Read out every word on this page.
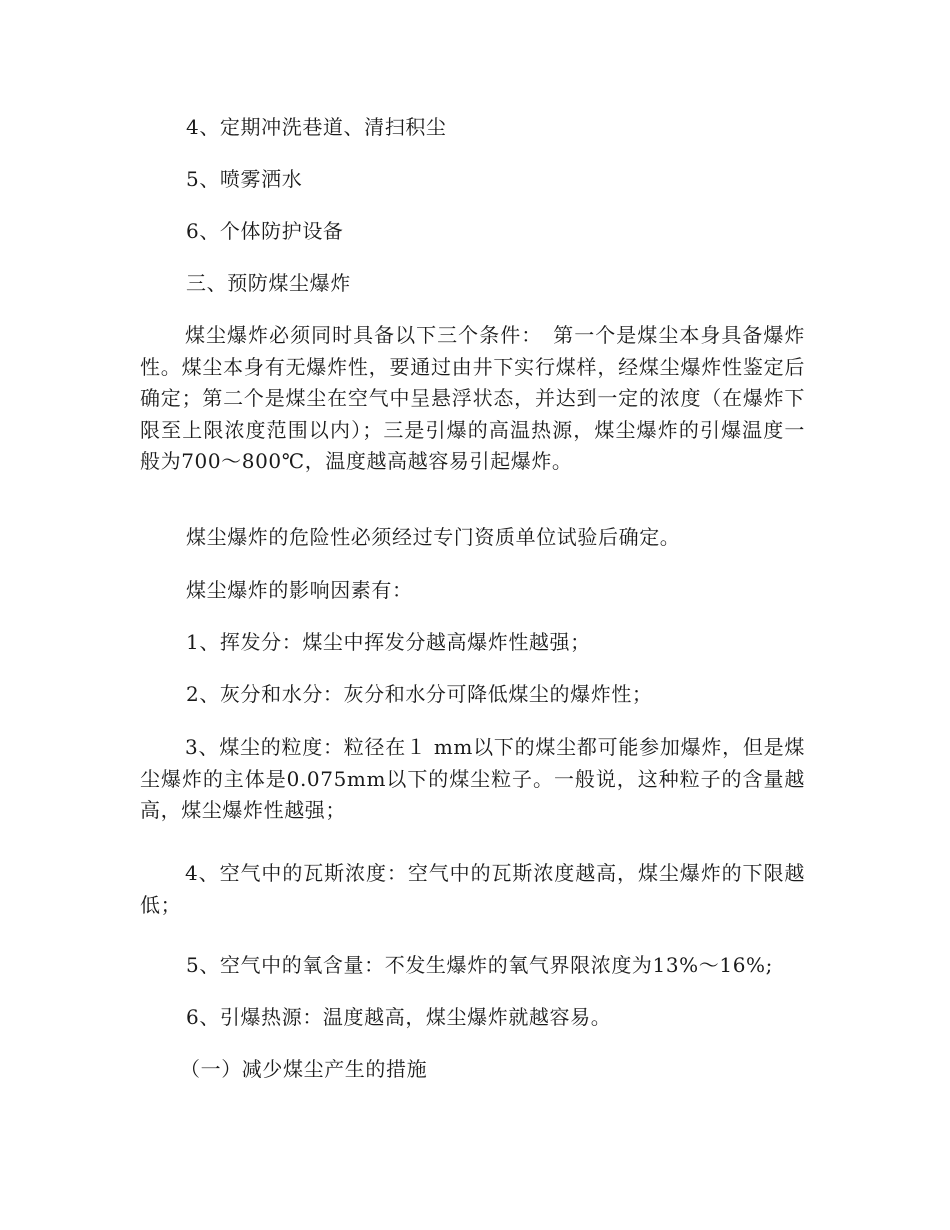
4、定期冲洗巷道、清扫积尘
5、喷雾洒水
6、个体防护设备
三、预防煤尘爆炸
煤尘爆炸必须同时具备以下三个条件：　第一个是煤尘本身具备爆炸性。煤尘本身有无爆炸性，要通过由井下实行煤样，经煤尘爆炸性鉴定后确定；第二个是煤尘在空气中呈悬浮状态，并达到一定的浓度（在爆炸下限至上限浓度范围以内）；三是引爆的高温热源，煤尘爆炸的引爆温度一般为700～800℃，温度越高越容易引起爆炸。
煤尘爆炸的危险性必须经过专门资质单位试验后确定。
煤尘爆炸的影响因素有：
1、挥发分：煤尘中挥发分越高爆炸性越强；
2、灰分和水分：灰分和水分可降低煤尘的爆炸性；
3、煤尘的粒度：粒径在１ mm以下的煤尘都可能参加爆炸，但是煤尘爆炸的主体是0.075mm以下的煤尘粒子。一般说，这种粒子的含量越高，煤尘爆炸性越强；
4、空气中的瓦斯浓度：空气中的瓦斯浓度越高，煤尘爆炸的下限越低；
5、空气中的氧含量：不发生爆炸的氧气界限浓度为13%～16%;
6、引爆热源：温度越高，煤尘爆炸就越容易。
（一）减少煤尘产生的措施
